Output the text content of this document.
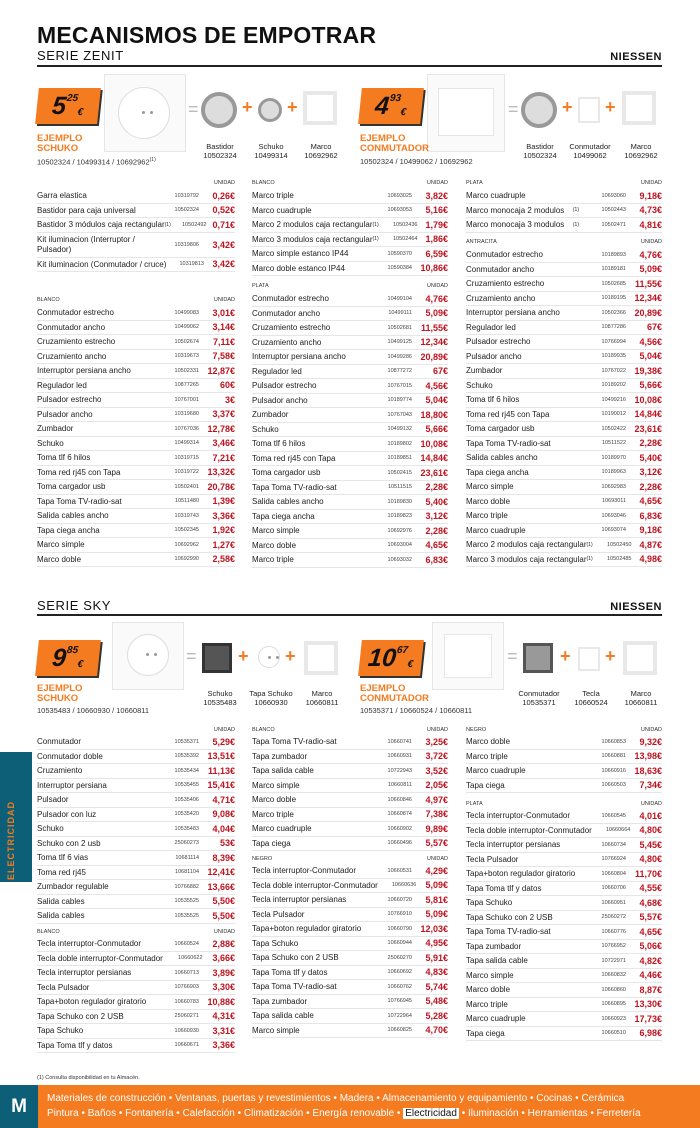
MECANISMOS DE EMPOTRAR
SERIE ZENIT	NIESSEN
5
25
€	= + +
Bastidor
10502324
Schuko
10499314
Marco
10692962
EJEMPLO
SCHUKO
10502324 / 10499314 / 10692962$^{(1)}$
4
93
€	= + +
Bastidor
10502324
Conmutador
10499062
Marco
10692962
EJEMPLO
CONMUTADOR
10502324 / 10499062 / 10692962
UNIDAD
Garra elastica	10319792	0,26€
Bastidor para caja universal	10502324	0,52€
Bastidor 3 módulos caja rectangular (1)	10502492 0,71€
Kit iluminacion (Interruptor / Pulsador)	10319806	3,42€
Kit iluminacion (Conmutador / cruce)	10319813 3,42€
BLANCO	UNIDAD
Conmutador estrecho	10499083	3,01€
Conmutador ancho	10499062	3,14€
Cruzamiento estrecho	10502674	7,11€
Cruzamiento ancho	10319673	7,58€
Interruptor persiana ancho	10502331 12,87€
Regulador led	10877265	60€
Pulsador estrecho	10767001	3€
Pulsador ancho	10319680	3,37€
Zumbador	10767036 12,78€
Schuko	10499314	3,46€
Toma tlf 6 hilos	10319715	7,21€
Toma red rj45 con Tapa	10319722 13,32€
Toma cargador usb	10502401 20,78€
Tapa Toma TV-radio-sat	10511480	1,39€
Salida cables ancho	10319743	3,36€
Tapa ciega ancha	10502345	1,92€
Marco simple	10692962	1,27€
Marco doble	10692990	2,58€
BLANCO	UNIDAD
Marco triple	10693025	3,82€
Marco cuadruple	10693053	5,16€
Marco 2 modulos caja rectangular (1)	10502436 1,79€
Marco 3 modulos caja rectangular (1)	10502464 1,86€
Marco simple estanco IP44	10590370	6,59€
Marco doble estanco IP44	10590384 10,86€
PLATA	UNIDAD
Conmutador estrecho	10499104	4,76€
Conmutador ancho	10499111	5,09€
Cruzamiento estrecho	10502681 11,55€
Cruzamiento ancho	10499125 12,34€
Interruptor persiana ancho	10499286 20,89€
Regulador led	10877272	67€
Pulsador estrecho	10767015	4,56€
Pulsador ancho	10189774	5,04€
Zumbador	10767043 18,80€
Schuko	10499132	5,66€
Toma tlf 6 hilos	10189802 10,08€
Toma red rj45 con Tapa	10189851 14,84€
Toma cargador usb	10502415 23,61€
Tapa Toma TV-radio-sat	10511515	2,28€
Salida cables ancho	10189830	5,40€
Tapa ciega ancha	10189823	3,12€
Marco simple	10692976	2,28€
Marco doble	10693004	4,65€
Marco triple	10693032	6,83€
PLATA	UNIDAD
Marco cuadruple	10693060	9,18€
Marco monocaja 2 modulos	(1)	10502443	4,73€
Marco monocaja 3 modulos	(1)	10502471	4,81€
ANTRACITA	UNIDAD
Conmutador estrecho	10189893	4,76€
Conmutador ancho	10189181	5,09€
Cruzamiento estrecho	10502685 11,55€
Cruzamiento ancho	10189195 12,34€
Interruptor persiana ancho	10502366 20,89€
Regulador led	10877286	67€
Pulsador estrecho	10766994	4,56€
Pulsador ancho	10189935	5,04€
Zumbador	10767022 19,38€
Schuko	10189202	5,66€
Toma tlf 6 hilos	10499216 10,08€
Toma red rj45 con Tapa	10190012 14,84€
Toma cargador usb	10502422 23,61€
Tapa Toma TV-radio-sat	10511522	2,28€
Salida cables ancho	10189970	5,40€
Tapa ciega ancha	10189963	3,12€
Marco simple	10692983	2,28€
Marco doble	10693011	4,65€
Marco triple	10693046	6,83€
Marco cuadruple	10693074	9,18€
Marco 2 modulos caja rectangular (1)	10502450 4,87€
Marco 3 modulos caja rectangular (1)	10502485 4,98€
SERIE SKY	NIESSEN
9
85
€	= + +
Schuko
10535483
Tapa Schuko
10660930
Marco
10660811
EJEMPLO
SCHUKO
10535483 / 10660930 / 10660811
10
67
€	= + +
Conmutador
10535371
Tecla
10660524
Marco
10660811
EJEMPLO
CONMUTADOR
10535371 / 10660524 / 10660811
UNIDAD
Conmutador	10535371	5,29€
Conmutador doble	10535392 13,51€
Cruzamiento	10535434 11,13€
Interruptor persiana	10535455 15,41€
Pulsador	10535406	4,71€
Pulsador con luz	10535420	9,08€
Schuko	10535483	4,04€
Schuko con 2 usb	25060273	53€
Toma tlf 6 vias	10681114	8,39€
Toma red rj45	10681104 12,41€
Zumbador regulable	10766882 13,66€
Salida cables	10535525	5,50€
Salida cables	10535525	5,50€
BLANCO	UNIDAD
Tecla interruptor-Conmutador	10660524	2,88€
Tecla doble interruptor-Conmutador	10660622	3,66€
Tecla interruptor persianas	10660713	3,89€
Tecla Pulsador	10766903	3,30€
Tapa+boton regulador giratorio	10660783 10,88€
Tapa Schuko con 2 USB	25060271	4,31€
Tapa Schuko	10660930	3,31€
Tapa Toma tlf y datos	10660671	3,36€
BLANCO	UNIDAD
Tapa Toma TV-radio-sat	10660741	3,25€
Tapa zumbador	10660931	3,72€
Tapa salida cable	10722943	3,52€
Marco simple	10660811	2,05€
Marco doble	10660846	4,97€
Marco triple	10660874	7,38€
Marco cuadruple	10660902	9,89€
Tapa ciega	10660496	5,57€
NEGRO	UNIDAD
Tecla interruptor-Conmutador	10660531	4,29€
Tecla doble interruptor-Conmutador	10660636	5,09€
Tecla interruptor persianas	10660720	5,81€
Tecla Pulsador	10766910	5,09€
Tapa+boton regulador giratorio	10660790 12,03€
Tapa Schuko	10660944	4,95€
Tapa Schuko con 2 USB	25060270	5,91€
Tapa Toma tlf y datos	10660692	4,83€
Tapa Toma TV-radio-sat	10660762	5,74€
Tapa zumbador	10766945	5,48€
Tapa salida cable	10722964	5,28€
Marco simple	10660825	4,70€
NEGRO	UNIDAD
Marco doble	10660853	9,32€
Marco triple	10660881 13,98€
Marco cuadruple	10660916 18,63€
Tapa ciega	10660503	7,34€
PLATA	UNIDAD
Tecla interruptor-Conmutador	10660545	4,01€
Tecla doble interruptor-Conmutador	10660664	4,80€
Tecla interruptor persianas	10660734	5,45€
Tecla Pulsador	10766924	4,80€
Tapa+boton regulador giratorio	10660804 11,70€
Tapa Toma tlf y datos	10660706	4,55€
Tapa Schuko	10660951	4,68€
Tapa Schuko con 2 USB	25060272	5,57€
Tapa Toma TV-radio-sat	10660776	4,65€
Tapa zumbador	10766952	5,06€
Tapa salida cable	10722971	4,82€
Marco simple	10660832	4,46€
Marco doble	10660860	8,87€
Marco triple	10660895 13,30€
Marco cuadruple	10660923 17,73€
Tapa ciega	10660510	6,98€
ELECTRICIDAD
(1) Consulta disponibilidad en tu Almacén.
M	Materiales de construcción • Ventanas, puertas y revestimientos • Madera • Almacenamiento y equipamiento • Cocinas • Cerámica
Pintura • Baños • Fontanería • Calefacción • Climatización • Energía renovable • Electricidad • Iluminación • Herramientas • Ferretería
